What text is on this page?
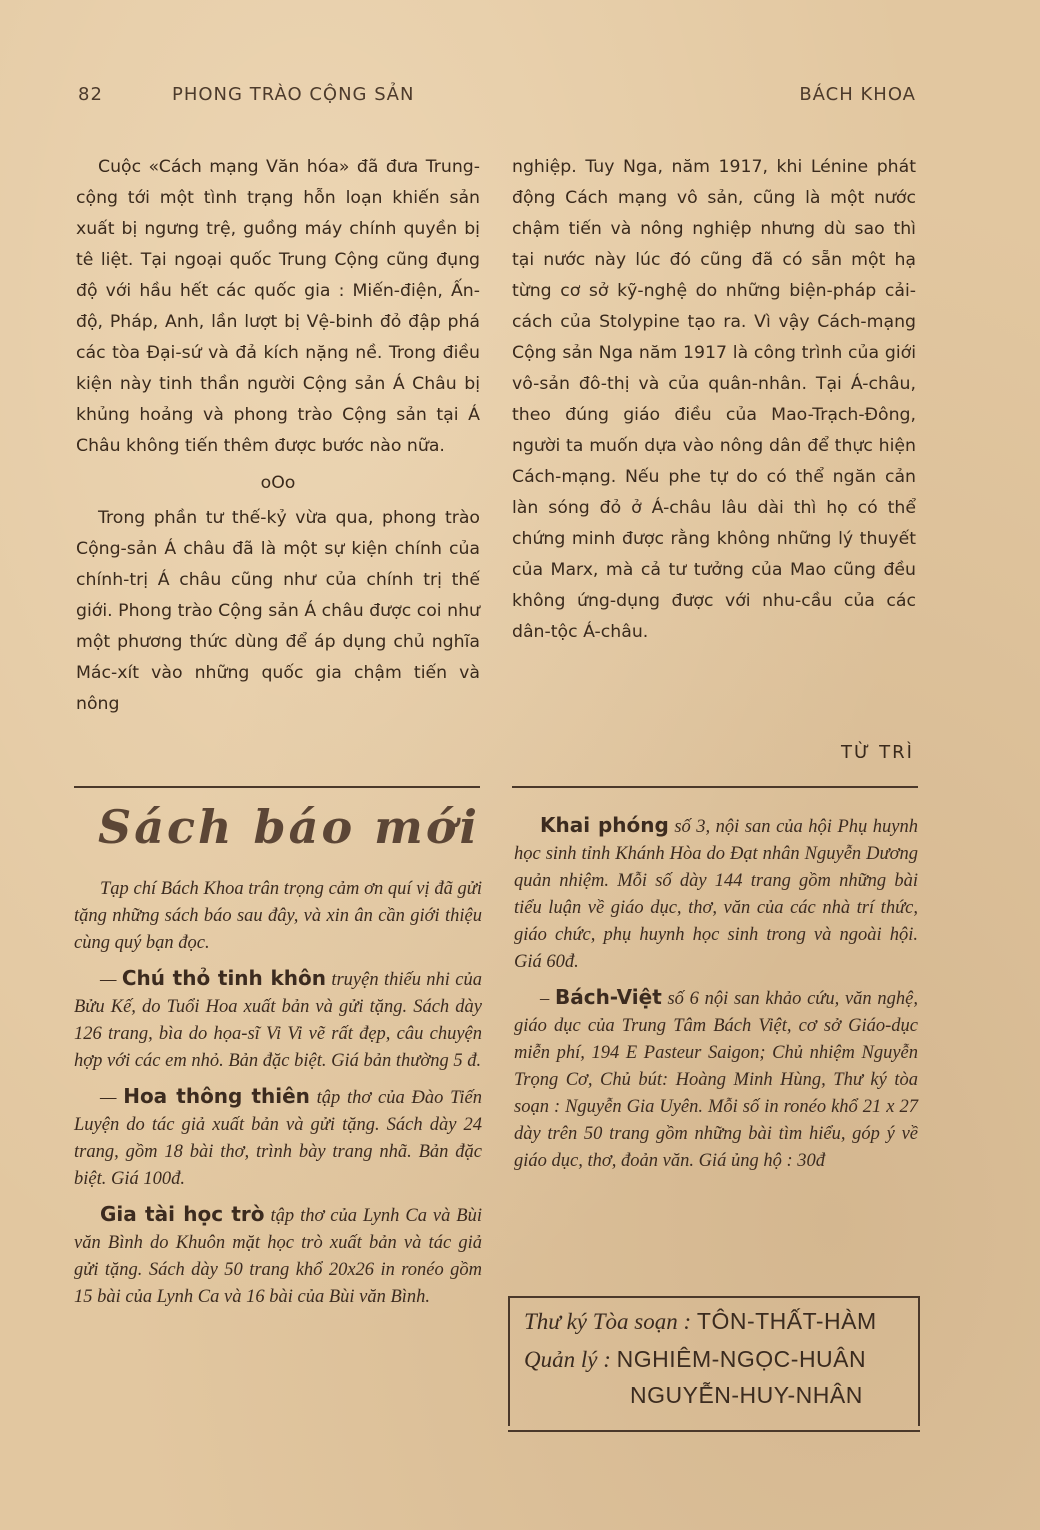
82	PHONG TRÀO CỘNG SẢN	BÁCH KHOA

Cuộc «Cách mạng Văn hóa» đã đưa Trung-cộng tới một tình trạng hỗn loạn khiến sản xuất bị ngưng trệ, guồng máy chính quyền bị tê liệt. Tại ngoại quốc Trung Cộng cũng đụng độ với hầu hết các quốc gia : Miến-điện, Ấn-độ, Pháp, Anh, lần lượt bị Vệ-binh đỏ đập phá các tòa Đại-sứ và đả kích nặng nề. Trong điều kiện này tinh thần người Cộng sản Á Châu bị khủng hoảng và phong trào Cộng sản tại Á Châu không tiến thêm được bước nào nữa.

oOo

Trong phần tư thế-kỷ vừa qua, phong trào Cộng-sản Á châu đã là một sự kiện chính của chính-trị Á châu cũng như của chính trị thế giới. Phong trào Cộng sản Á châu được coi như một phương thức dùng để áp dụng chủ nghĩa Mác-xít vào những quốc gia chậm tiến và nông

nghiệp. Tuy Nga, năm 1917, khi Lénine phát động Cách mạng vô sản, cũng là một nước chậm tiến và nông nghiệp nhưng dù sao thì tại nước này lúc đó cũng đã có sẵn một hạ từng cơ sở kỹ-nghệ do những biện-pháp cải-cách của Stolypine tạo ra. Vì vậy Cách-mạng Cộng sản Nga năm 1917 là công trình của giới vô-sản đô-thị và của quân-nhân. Tại Á-châu, theo đúng giáo điều của Mao-Trạch-Đông, người ta muốn dựa vào nông dân để thực hiện Cách-mạng. Nếu phe tự do có thể ngăn cản làn sóng đỏ ở Á-châu lâu dài thì họ có thể chứng minh được rằng không những lý thuyết của Marx, mà cả tư tưởng của Mao cũng đều không ứng-dụng được với nhu-cầu của các dân-tộc Á-châu.

TỪ TRÌ
Sách báo mới

Tạp chí Bách Khoa trân trọng cảm ơn quí vị đã gửi tặng những sách báo sau đây, và xin ân cần giới thiệu cùng quý bạn đọc.

— Chú thỏ tinh khôn truyện thiếu nhi của Bửu Kế, do Tuổi Hoa xuất bản và gửi tặng. Sách dày 126 trang, bìa do họa-sĩ Vi Vi vẽ rất đẹp, câu chuyện hợp với các em nhỏ. Bản đặc biệt. Giá bản thường 5 đ.

— Hoa thông thiên tập thơ của Đào Tiến Luyện do tác giả xuất bản và gửi tặng. Sách dày 24 trang, gồm 18 bài thơ, trình bày trang nhã. Bản đặc biệt. Giá 100đ.

Gia tài học trò tập thơ của Lynh Ca và Bùi văn Bình do Khuôn mặt học trò xuất bản và tác giả gửi tặng. Sách dày 50 trang khổ 20x26 in ronéo gồm 15 bài của Lynh Ca và 16 bài của Bùi văn Bình.

Khai phóng số 3, nội san của hội Phụ huynh học sinh tỉnh Khánh Hòa do Đạt nhân Nguyễn Dương quản nhiệm. Mỗi số dày 144 trang gồm những bài tiểu luận về giáo dục, thơ, văn của các nhà trí thức, giáo chức, phụ huynh học sinh trong và ngoài hội. Giá 60đ.

– Bách-Việt số 6 nội san khảo cứu, văn nghệ, giáo dục của Trung Tâm Bách Việt, cơ sở Giáo-dục miễn phí, 194 E Pasteur Saigon; Chủ nhiệm Nguyễn Trọng Cơ, Chủ bút: Hoàng Minh Hùng, Thư ký tòa soạn : Nguyễn Gia Uyên. Mỗi số in ronéo khổ 21 x 27 dày trên 50 trang gồm những bài tìm hiểu, góp ý về giáo dục, thơ, đoản văn. Giá ủng hộ : 30đ

Thư ký Tòa soạn : TÔN-THẤT-HÀM
Quản lý : NGHIÊM-NGỌC-HUÂN
NGUYỄN-HUY-NHÂN
